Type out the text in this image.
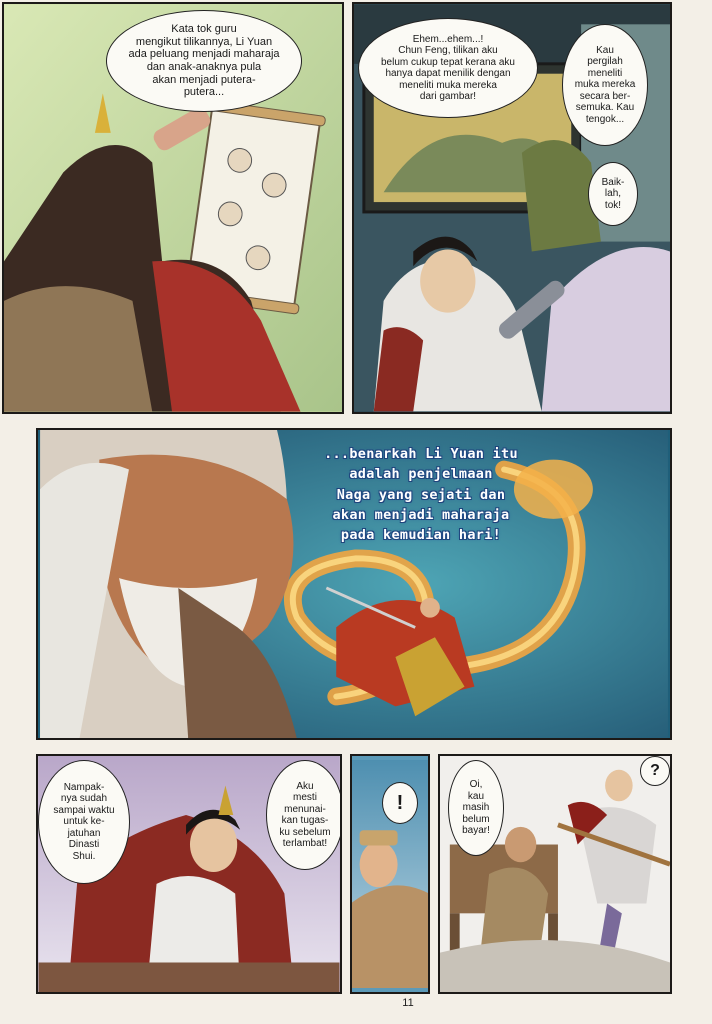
Kata tok guru
mengikut tilikannya, Li Yuan
ada peluang menjadi maharaja
dan anak-anaknya pula
akan menjadi putera-
putera...
Ehem...ehem...!
Chun Feng, tilikan aku
belum cukup tepat kerana aku
hanya dapat menilik dengan
meneliti muka mereka
dari gambar!
Kau
pergilah
meneliti
muka mereka
secara ber-
semuka. Kau
tengok...
Baik-
lah,
tok!
...benarkah Li Yuan itu
adalah penjelmaan
Naga yang sejati dan
akan menjadi maharaja
pada kemudian hari!
Nampak-
nya sudah
sampai waktu
untuk ke-
jatuhan
Dinasti
Shui.
Aku
mesti
menunai-
kan tugas-
ku sebelum
terlambat!
!
Oi,
kau
masih
belum
bayar!
?
11
